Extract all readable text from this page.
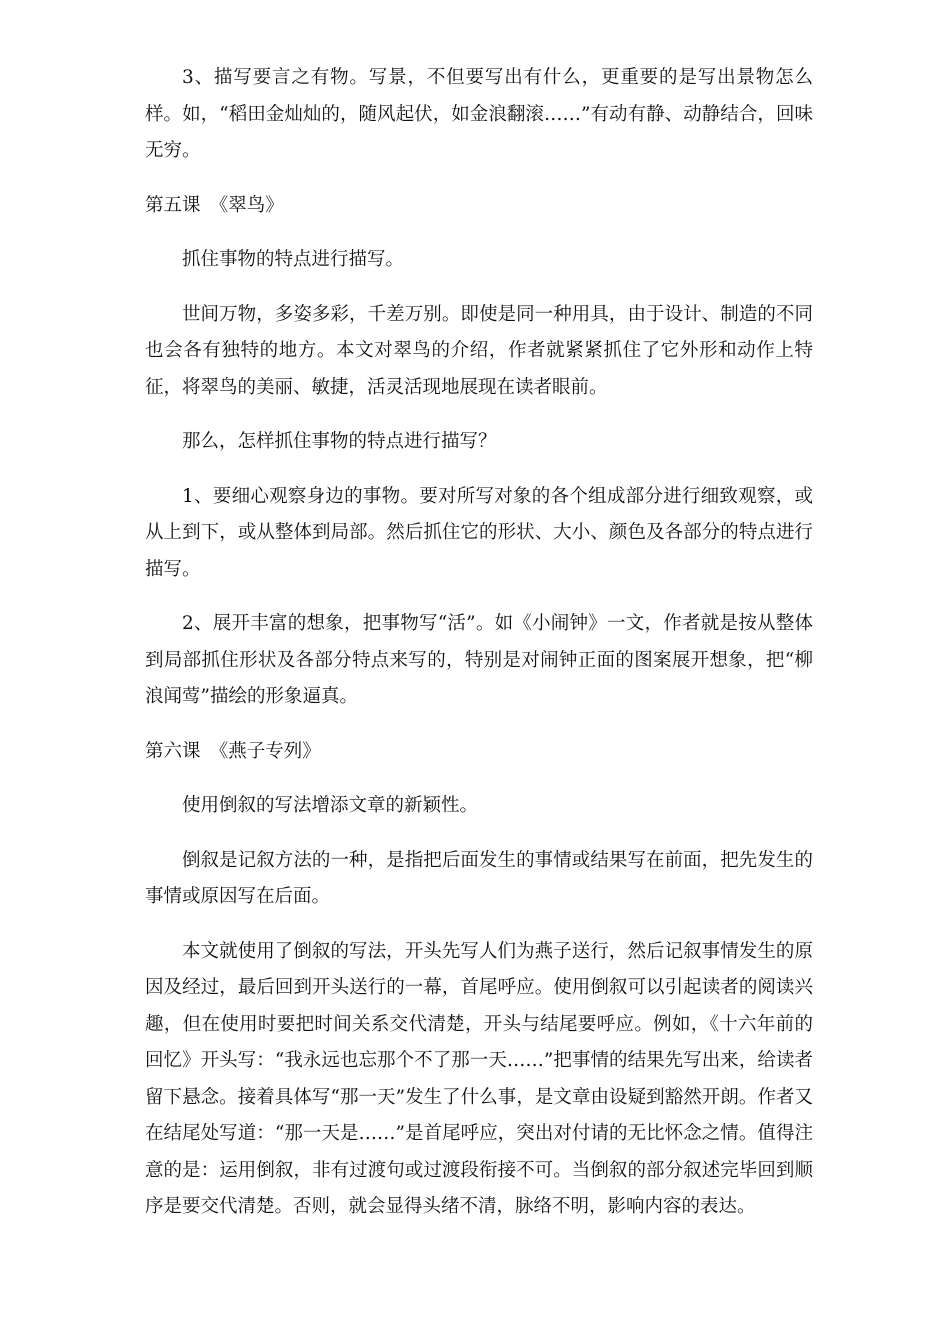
3、描写要言之有物。写景，不但要写出有什么，更重要的是写出景物怎么样。如，“稻田金灿灿的，随风起伏，如金浪翻滚……”有动有静、动静结合，回味无穷。

第五课　《翠鸟》

抓住事物的特点进行描写。

世间万物，多姿多彩，千差万别。即使是同一种用具，由于设计、制造的不同也会各有独特的地方。本文对翠鸟的介绍，作者就紧紧抓住了它外形和动作上特征，将翠鸟的美丽、敏捷，活灵活现地展现在读者眼前。

那么，怎样抓住事物的特点进行描写？

1、要细心观察身边的事物。要对所写对象的各个组成部分进行细致观察，或从上到下，或从整体到局部。然后抓住它的形状、大小、颜色及各部分的特点进行描写。

2、展开丰富的想象，把事物写“活”。如《小闹钟》一文，作者就是按从整体到局部抓住形状及各部分特点来写的，特别是对闹钟正面的图案展开想象，把“柳浪闻莺”描绘的形象逼真。

第六课　《燕子专列》

使用倒叙的写法增添文章的新颖性。

倒叙是记叙方法的一种，是指把后面发生的事情或结果写在前面，把先发生的事情或原因写在后面。

本文就使用了倒叙的写法，开头先写人们为燕子送行，然后记叙事情发生的原因及经过，最后回到开头送行的一幕，首尾呼应。使用倒叙可以引起读者的阅读兴趣，但在使用时要把时间关系交代清楚，开头与结尾要呼应。例如，《十六年前的回忆》开头写：“我永远也忘那个不了那一天……”把事情的结果先写出来，给读者留下悬念。接着具体写“那一天”发生了什么事，是文章由设疑到豁然开朗。作者又在结尾处写道：“那一天是……”是首尾呼应，突出对付请的无比怀念之情。值得注意的是：运用倒叙，非有过渡句或过渡段衔接不可。当倒叙的部分叙述完毕回到顺序是要交代清楚。否则，就会显得头绪不清，脉络不明，影响内容的表达。
